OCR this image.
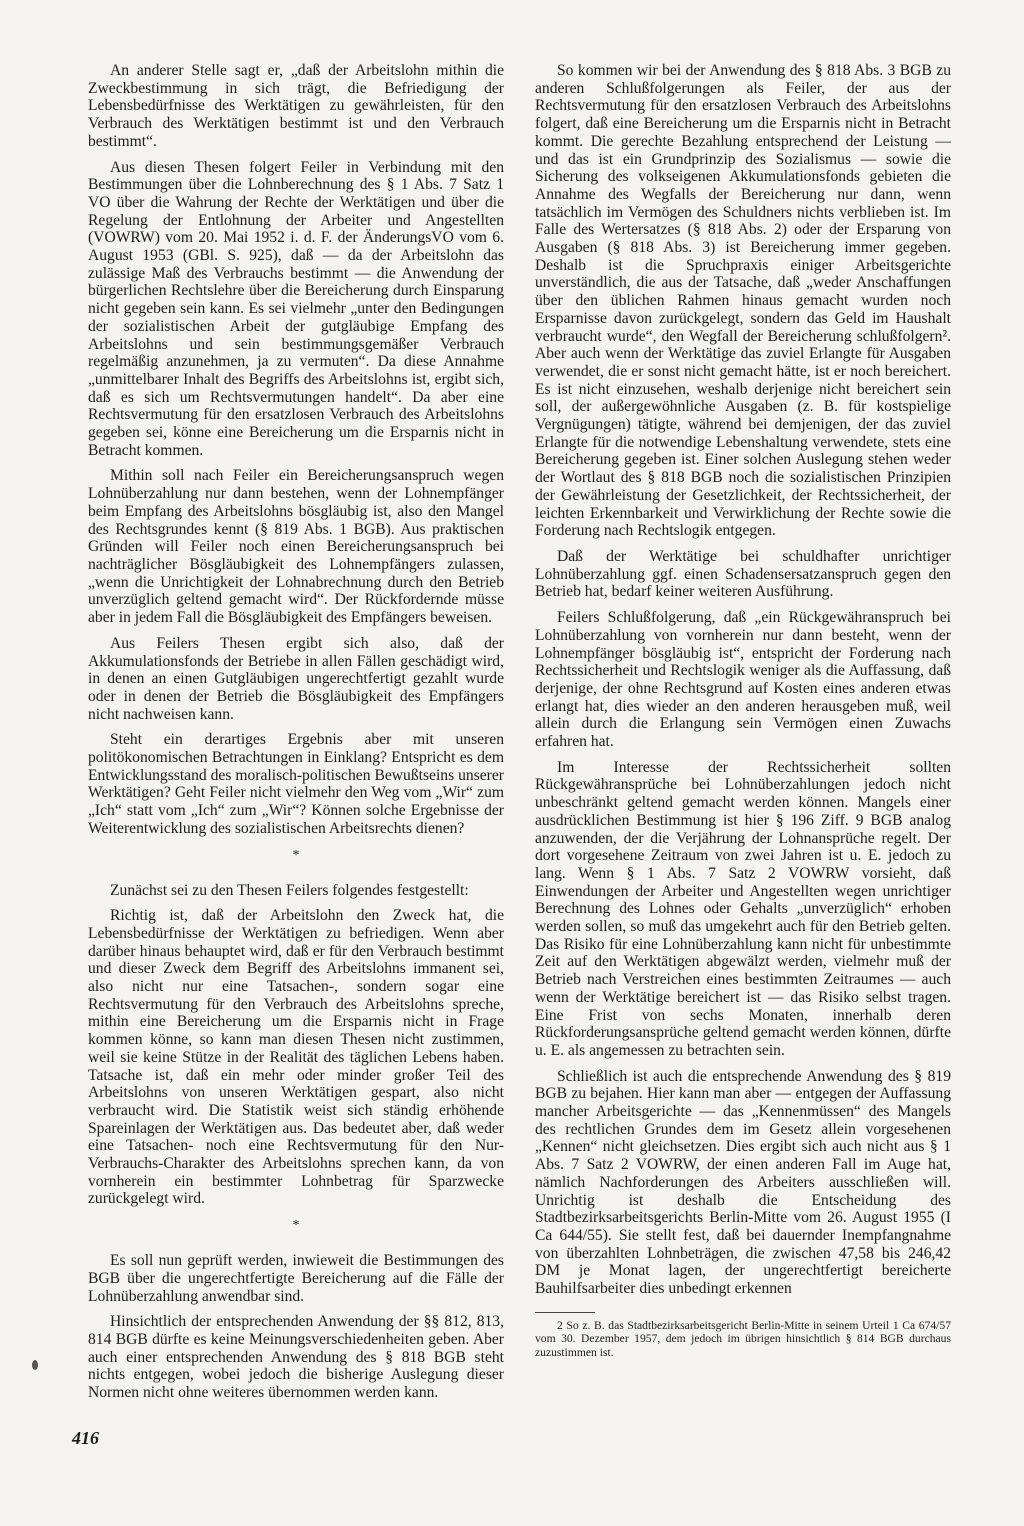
An anderer Stelle sagt er, „daß der Arbeitslohn mithin die Zweckbestimmung in sich trägt, die Befriedigung der Lebensbedürfnisse des Werktätigen zu gewährleisten, für den Verbrauch des Werktätigen bestimmt ist und den Verbrauch bestimmt“.

Aus diesen Thesen folgert Feiler in Verbindung mit den Bestimmungen über die Lohnberechnung des § 1 Abs. 7 Satz 1 VO über die Wahrung der Rechte der Werktätigen und über die Regelung der Entlohnung der Arbeiter und Angestellten (VOWRW) vom 20. Mai 1952 i. d. F. der ÄnderungsVO vom 6. August 1953 (GBl. S. 925), daß — da der Arbeitslohn das zulässige Maß des Verbrauchs bestimmt — die Anwendung der bürgerlichen Rechtslehre über die Bereicherung durch Einsparung nicht gegeben sein kann. Es sei vielmehr „unter den Bedingungen der sozialistischen Arbeit der gutgläubige Empfang des Arbeitslohns und sein bestimmungsgemäßer Verbrauch regelmäßig anzunehmen, ja zu vermuten“. Da diese Annahme „unmittelbarer Inhalt des Begriffs des Arbeitslohns ist, ergibt sich, daß es sich um Rechtsvermutungen handelt“. Da aber eine Rechtsvermutung für den ersatzlosen Verbrauch des Arbeitslohns gegeben sei, könne eine Bereicherung um die Ersparnis nicht in Betracht kommen.

Mithin soll nach Feiler ein Bereicherungsanspruch wegen Lohnüberzahlung nur dann bestehen, wenn der Lohnempfänger beim Empfang des Arbeitslohns bösgläubig ist, also den Mangel des Rechtsgrundes kennt (§ 819 Abs. 1 BGB). Aus praktischen Gründen will Feiler noch einen Bereicherungsanspruch bei nachträglicher Bösgläubigkeit des Lohnempfängers zulassen, „wenn die Unrichtigkeit der Lohnabrechnung durch den Betrieb unverzüglich geltend gemacht wird“. Der Rückfordernde müsse aber in jedem Fall die Bösgläubigkeit des Empfängers beweisen.

Aus Feilers Thesen ergibt sich also, daß der Akkumulationsfonds der Betriebe in allen Fällen geschädigt wird, in denen an einen Gutgläubigen ungerechtfertigt gezahlt wurde oder in denen der Betrieb die Bösgläubigkeit des Empfängers nicht nachweisen kann.

Steht ein derartiges Ergebnis aber mit unseren politökonomischen Betrachtungen in Einklang? Entspricht es dem Entwicklungsstand des moralisch-politischen Bewußtseins unserer Werktätigen? Geht Feiler nicht vielmehr den Weg vom „Wir“ zum „Ich“ statt vom „Ich“ zum „Wir“? Können solche Ergebnisse der Weiterentwicklung des sozialistischen Arbeitsrechts dienen?

*

Zunächst sei zu den Thesen Feilers folgendes festgestellt:

Richtig ist, daß der Arbeitslohn den Zweck hat, die Lebensbedürfnisse der Werktätigen zu befriedigen. Wenn aber darüber hinaus behauptet wird, daß er für den Verbrauch bestimmt und dieser Zweck dem Begriff des Arbeitslohns immanent sei, also nicht nur eine Tatsachen-, sondern sogar eine Rechtsvermutung für den Verbrauch des Arbeitslohns spreche, mithin eine Bereicherung um die Ersparnis nicht in Frage kommen könne, so kann man diesen Thesen nicht zustimmen, weil sie keine Stütze in der Realität des täglichen Lebens haben. Tatsache ist, daß ein mehr oder minder großer Teil des Arbeitslohns von unseren Werktätigen gespart, also nicht verbraucht wird. Die Statistik weist sich ständig erhöhende Spareinlagen der Werktätigen aus. Das bedeutet aber, daß weder eine Tatsachen- noch eine Rechtsvermutung für den Nur-Verbrauchs-Charakter des Arbeitslohns sprechen kann, da von vornherein ein bestimmter Lohnbetrag für Sparzwecke zurückgelegt wird.

*

Es soll nun geprüft werden, inwieweit die Bestimmungen des BGB über die ungerechtfertigte Bereicherung auf die Fälle der Lohnüberzahlung anwendbar sind.

Hinsichtlich der entsprechenden Anwendung der §§ 812, 813, 814 BGB dürfte es keine Meinungsverschiedenheiten geben. Aber auch einer entsprechenden Anwendung des § 818 BGB steht nichts entgegen, wobei jedoch die bisherige Auslegung dieser Normen nicht ohne weiteres übernommen werden kann.

So kommen wir bei der Anwendung des § 818 Abs. 3 BGB zu anderen Schlußfolgerungen als Feiler, der aus der Rechtsvermutung für den ersatzlosen Verbrauch des Arbeitslohns folgert, daß eine Bereicherung um die Ersparnis nicht in Betracht kommt. Die gerechte Bezahlung entsprechend der Leistung — und das ist ein Grundprinzip des Sozialismus — sowie die Sicherung des volkseigenen Akkumulationsfonds gebieten die Annahme des Wegfalls der Bereicherung nur dann, wenn tatsächlich im Vermögen des Schuldners nichts verblieben ist. Im Falle des Wertersatzes (§ 818 Abs. 2) oder der Ersparung von Ausgaben (§ 818 Abs. 3) ist Bereicherung immer gegeben. Deshalb ist die Spruchpraxis einiger Arbeitsgerichte unverständlich, die aus der Tatsache, daß „weder Anschaffungen über den üblichen Rahmen hinaus gemacht wurden noch Ersparnisse davon zurückgelegt, sondern das Geld im Haushalt verbraucht wurde“, den Wegfall der Bereicherung schlußfolgern². Aber auch wenn der Werktätige das zuviel Erlangte für Ausgaben verwendet, die er sonst nicht gemacht hätte, ist er noch bereichert. Es ist nicht einzusehen, weshalb derjenige nicht bereichert sein soll, der außergewöhnliche Ausgaben (z. B. für kostspielige Vergnügungen) tätigte, während bei demjenigen, der das zuviel Erlangte für die notwendige Lebenshaltung verwendete, stets eine Bereicherung gegeben ist. Einer solchen Auslegung stehen weder der Wortlaut des § 818 BGB noch die sozialistischen Prinzipien der Gewährleistung der Gesetzlichkeit, der Rechtssicherheit, der leichten Erkennbarkeit und Verwirklichung der Rechte sowie die Forderung nach Rechtslogik entgegen.

Daß der Werktätige bei schuldhafter unrichtiger Lohnüberzahlung ggf. einen Schadensersatzanspruch gegen den Betrieb hat, bedarf keiner weiteren Ausführung.

Feilers Schlußfolgerung, daß „ein Rückgewähranspruch bei Lohnüberzahlung von vornherein nur dann besteht, wenn der Lohnempfänger bösgläubig ist“, entspricht der Forderung nach Rechtssicherheit und Rechtslogik weniger als die Auffassung, daß derjenige, der ohne Rechtsgrund auf Kosten eines anderen etwas erlangt hat, dies wieder an den anderen herausgeben muß, weil allein durch die Erlangung sein Vermögen einen Zuwachs erfahren hat.

Im Interesse der Rechtssicherheit sollten Rückgewähransprüche bei Lohnüberzahlungen jedoch nicht unbeschränkt geltend gemacht werden können. Mangels einer ausdrücklichen Bestimmung ist hier § 196 Ziff. 9 BGB analog anzuwenden, der die Verjährung der Lohnansprüche regelt. Der dort vorgesehene Zeitraum von zwei Jahren ist u. E. jedoch zu lang. Wenn § 1 Abs. 7 Satz 2 VOWRW vorsieht, daß Einwendungen der Arbeiter und Angestellten wegen unrichtiger Berechnung des Lohnes oder Gehalts „unverzüglich“ erhoben werden sollen, so muß das umgekehrt auch für den Betrieb gelten. Das Risiko für eine Lohnüberzahlung kann nicht für unbestimmte Zeit auf den Werktätigen abgewälzt werden, vielmehr muß der Betrieb nach Verstreichen eines bestimmten Zeitraumes — auch wenn der Werktätige bereichert ist — das Risiko selbst tragen. Eine Frist von sechs Monaten, innerhalb deren Rückforderungsansprüche geltend gemacht werden können, dürfte u. E. als angemessen zu betrachten sein.

Schließlich ist auch die entsprechende Anwendung des § 819 BGB zu bejahen. Hier kann man aber — entgegen der Auffassung mancher Arbeitsgerichte — das „Kennenmüssen“ des Mangels des rechtlichen Grundes dem im Gesetz allein vorgesehenen „Kennen“ nicht gleichsetzen. Dies ergibt sich auch nicht aus § 1 Abs. 7 Satz 2 VOWRW, der einen anderen Fall im Auge hat, nämlich Nachforderungen des Arbeiters ausschließen will. Unrichtig ist deshalb die Entscheidung des Stadtbezirksarbeitsgerichts Berlin-Mitte vom 26. August 1955 (I Ca 644/55). Sie stellt fest, daß bei dauernder Inempfangnahme von überzahlten Lohnbeträgen, die zwischen 47,58 bis 246,42 DM je Monat lagen, der ungerechtfertigt bereicherte Bauhilfsarbeiter dies unbedingt erkennen

2 So z. B. das Stadtbezirksarbeitsgericht Berlin-Mitte in seinem Urteil 1 Ca 674/57 vom 30. Dezember 1957, dem jedoch im übrigen hinsichtlich § 814 BGB durchaus zuzustimmen ist.

416
